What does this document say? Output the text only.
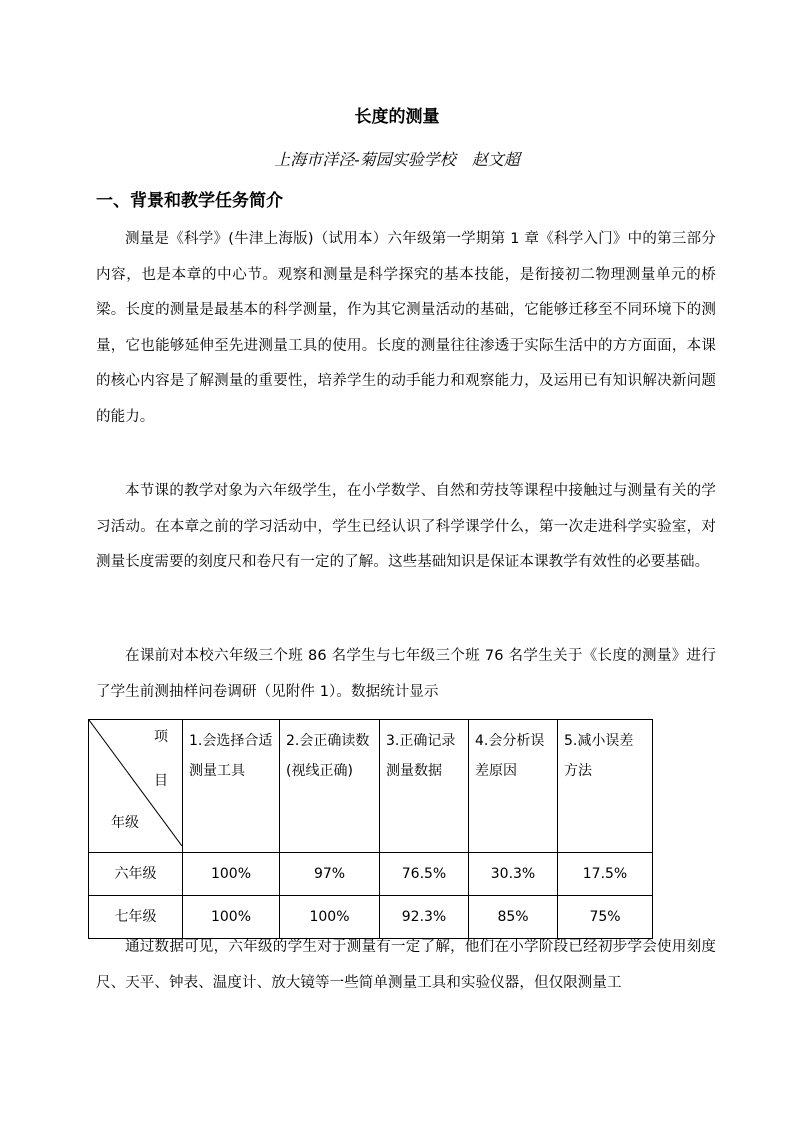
长度的测量
上海市洋泾-菊园实验学校　赵文超
一、背景和教学任务简介

测量是《科学》(牛津上海版)（试用本）六年级第一学期第 1 章《科学入门》中的第三部分内容，也是本章的中心节。观察和测量是科学探究的基本技能，是衔接初二物理测量单元的桥梁。长度的测量是最基本的科学测量，作为其它测量活动的基础，它能够迁移至不同环境下的测量，它也能够延伸至先进测量工具的使用。长度的测量往往渗透于实际生活中的方方面面，本课的核心内容是了解测量的重要性，培养学生的动手能力和观察能力，及运用已有知识解决新问题的能力。

本节课的教学对象为六年级学生，在小学数学、自然和劳技等课程中接触过与测量有关的学习活动。在本章之前的学习活动中，学生已经认识了科学课学什么，第一次走进科学实验室，对测量长度需要的刻度尺和卷尺有一定的了解。这些基础知识是保证本课教学有效性的必要基础。

在课前对本校六年级三个班 86 名学生与七年级三个班 76 名学生关于《长度的测量》进行了学生前测抽样问卷调研（见附件 1）。数据统计显示

项
目
年级	1.会选择合适测量工具	2.会正确读数(视线正确)	3.正确记录测量数据	4.会分析误差原因	5.减小误差方法
六年级	100%	97%	76.5%	30.3%	17.5%
七年级	100%	100%	92.3%	85%	75%

通过数据可见，六年级的学生对于测量有一定了解，他们在小学阶段已经初步学会使用刻度尺、天平、钟表、温度计、放大镜等一些简单测量工具和实验仪器，但仅限测量工
